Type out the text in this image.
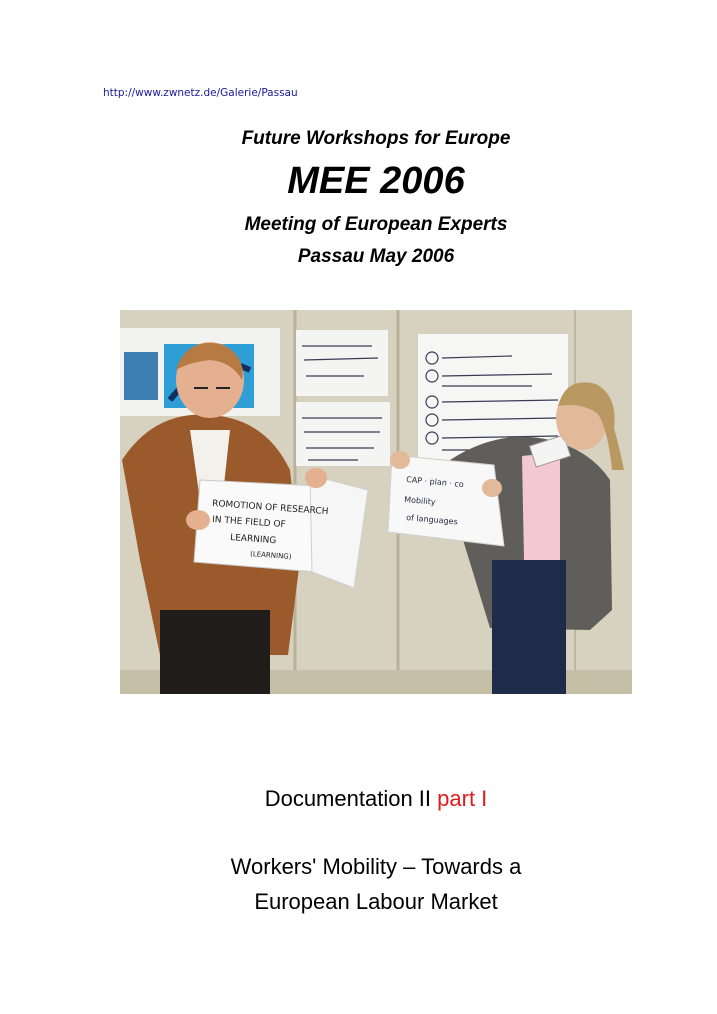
http://www.zwnetz.de/Galerie/Passau
Future Workshops for Europe
MEE 2006
Meeting of European Experts
Passau May 2006
ROMOTION OF RESEARCH
IN THE FIELD OF
LEARNING
(LEARNING)
CAP · plan · co
Mobility
of languages
Documentation II part I
Workers' Mobility – Towards a
European Labour Market
